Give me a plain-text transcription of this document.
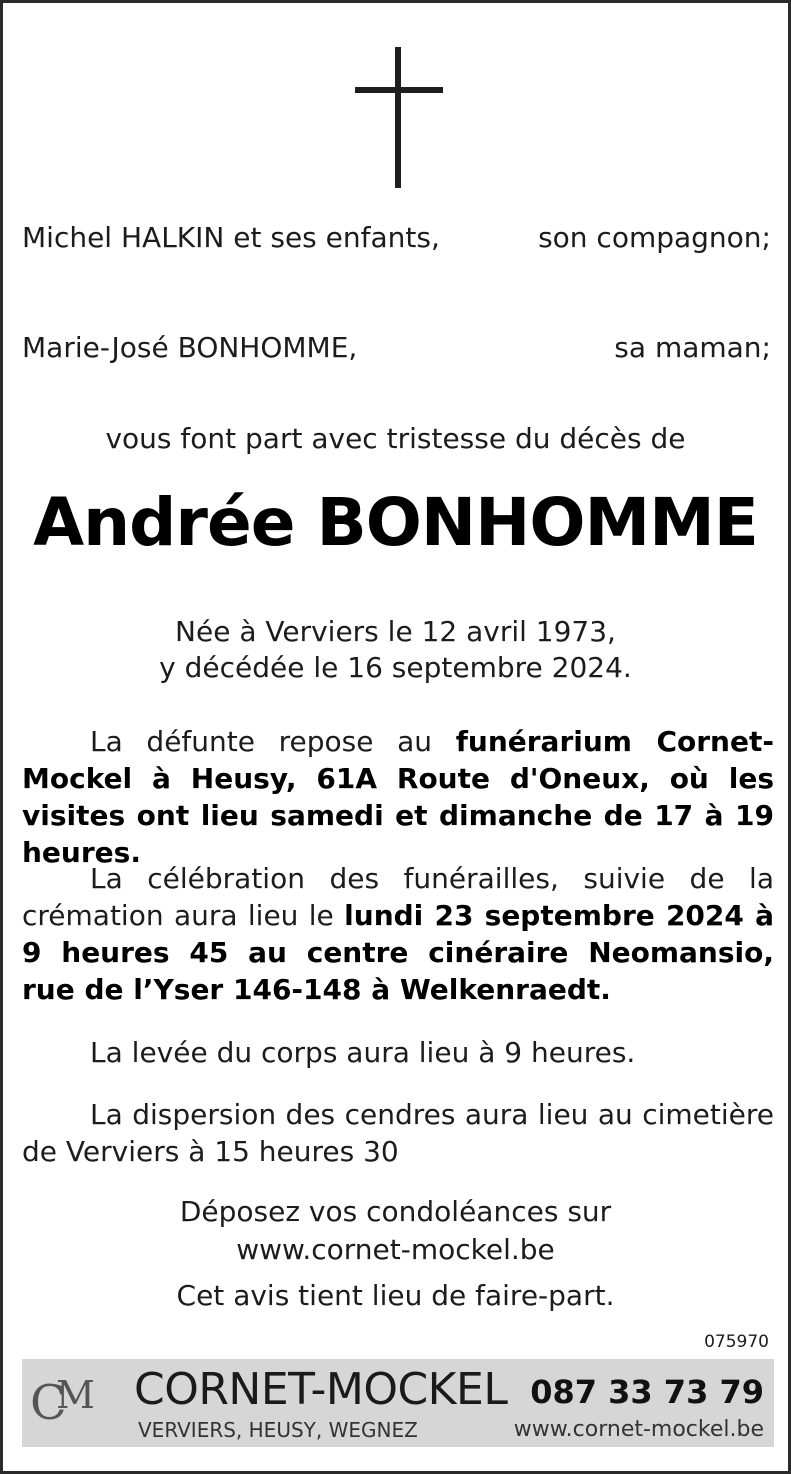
Michel HALKIN et ses enfants,	son compagnon;
Marie-José BONHOMME,	sa maman;
vous font part avec tristesse du décès de
Andrée BONHOMME
Née à Verviers le 12 avril 1973,
y décédée le 16 septembre 2024.
La défunte repose au funérarium Cornet-Mockel à Heusy, 61A Route d'Oneux, où les visites ont lieu samedi et dimanche de 17 à 19 heures.
La célébration des funérailles, suivie de la crémation aura lieu le lundi 23 septembre 2024 à 9 heures 45 au centre cinéraire Neomansio, rue de l’Yser 146-148 à Welkenraedt.
La levée du corps aura lieu à 9 heures.
La dispersion des cendres aura lieu au cimetière de Verviers à 15 heures 30
Déposez vos condoléances sur
www.cornet-mockel.be
Cet avis tient lieu de faire-part.
075970
C
M CORNET-MOCKEL 087 33 73 79
VERVIERS, HEUSY, WEGNEZ	www.cornet-mockel.be
